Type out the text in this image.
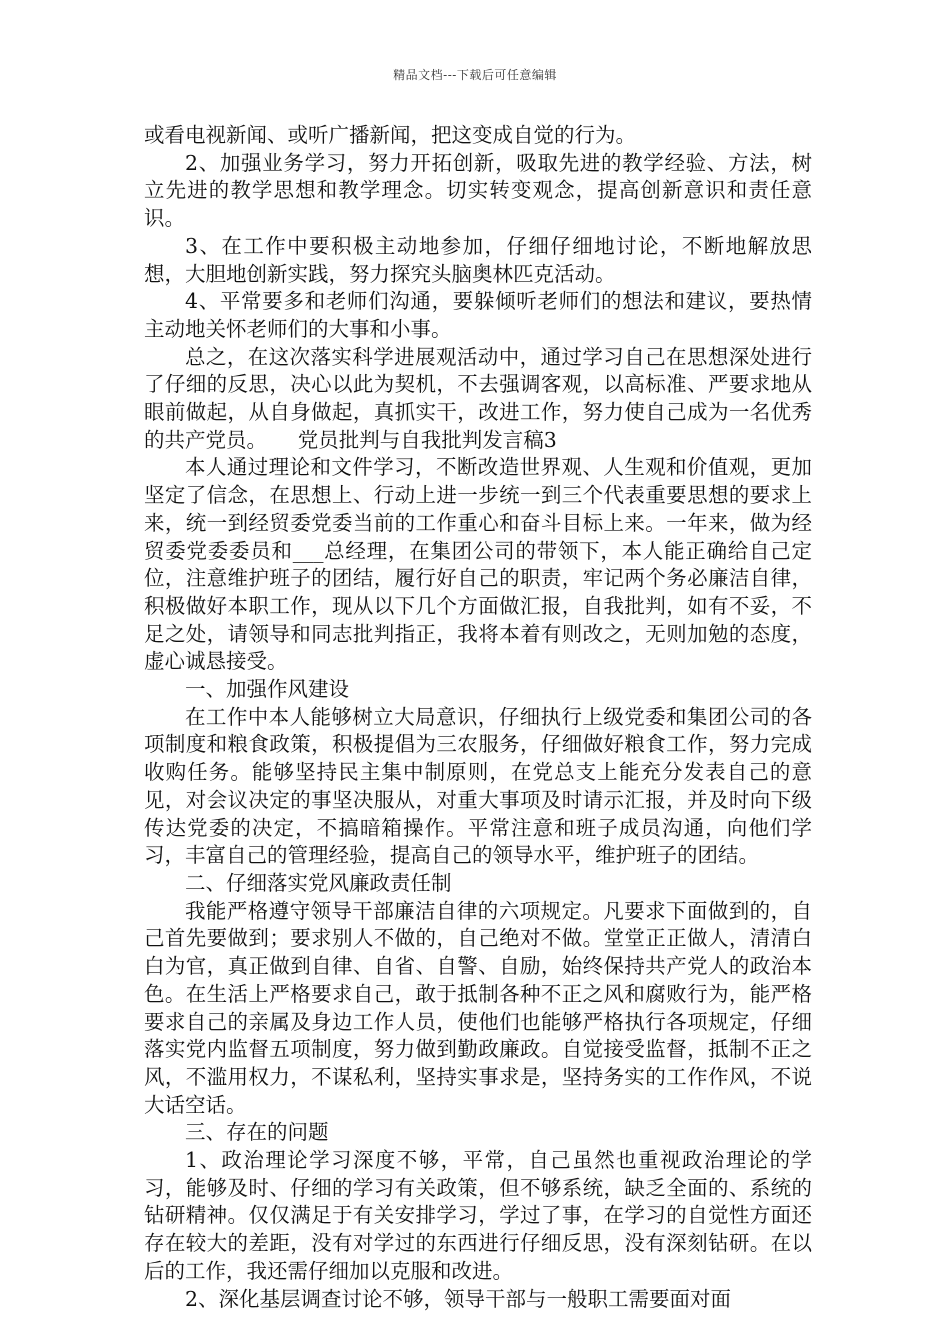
精品文档---下载后可任意编辑

或看电视新闻、或听广播新闻，把这变成自觉的行为。

2、加强业务学习，努力开拓创新，吸取先进的教学经验、方法，树立先进的教学思想和教学理念。切实转变观念，提高创新意识和责任意识。

3、在工作中要积极主动地参加，仔细仔细地讨论，不断地解放思想，大胆地创新实践，努力探究头脑奥林匹克活动。

4、平常要多和老师们沟通，要躲倾听老师们的想法和建议，要热情主动地关怀老师们的大事和小事。

总之，在这次落实科学进展观活动中，通过学习自己在思想深处进行了仔细的反思，决心以此为契机，不去强调客观，以高标准、严要求地从眼前做起，从自身做起，真抓实干，改进工作，努力使自己成为一名优秀的共产党员。　　党员批判与自我批判发言稿3

本人通过理论和文件学习，不断改造世界观、人生观和价值观，更加坚定了信念，在思想上、行动上进一步统一到三个代表重要思想的要求上来，统一到经贸委党委当前的工作重心和奋斗目标上来。一年来，做为经贸委党委委员和___总经理，在集团公司的带领下，本人能正确给自己定位，注意维护班子的团结，履行好自己的职责，牢记两个务必廉洁自律，积极做好本职工作，现从以下几个方面做汇报，自我批判，如有不妥，不足之处，请领导和同志批判指正，我将本着有则改之，无则加勉的态度，虚心诚恳接受。

一、加强作风建设

在工作中本人能够树立大局意识，仔细执行上级党委和集团公司的各项制度和粮食政策，积极提倡为三农服务，仔细做好粮食工作，努力完成收购任务。能够坚持民主集中制原则，在党总支上能充分发表自己的意见，对会议决定的事坚决服从，对重大事项及时请示汇报，并及时向下级传达党委的决定，不搞暗箱操作。平常注意和班子成员沟通，向他们学习，丰富自己的管理经验，提高自己的领导水平，维护班子的团结。

二、仔细落实党风廉政责任制

我能严格遵守领导干部廉洁自律的六项规定。凡要求下面做到的，自己首先要做到；要求别人不做的，自己绝对不做。堂堂正正做人，清清白白为官，真正做到自律、自省、自警、自励，始终保持共产党人的政治本色。在生活上严格要求自己，敢于抵制各种不正之风和腐败行为，能严格要求自己的亲属及身边工作人员，使他们也能够严格执行各项规定，仔细落实党内监督五项制度，努力做到勤政廉政。自觉接受监督，抵制不正之风，不滥用权力，不谋私利，坚持实事求是，坚持务实的工作作风，不说大话空话。

三、存在的问题

1、政治理论学习深度不够，平常，自己虽然也重视政治理论的学习，能够及时、仔细的学习有关政策，但不够系统，缺乏全面的、系统的钻研精神。仅仅满足于有关安排学习，学过了事，在学习的自觉性方面还存在较大的差距，没有对学过的东西进行仔细反思，没有深刻钻研。在以后的工作，我还需仔细加以克服和改进。

2、深化基层调查讨论不够，领导干部与一般职工需要面对面
